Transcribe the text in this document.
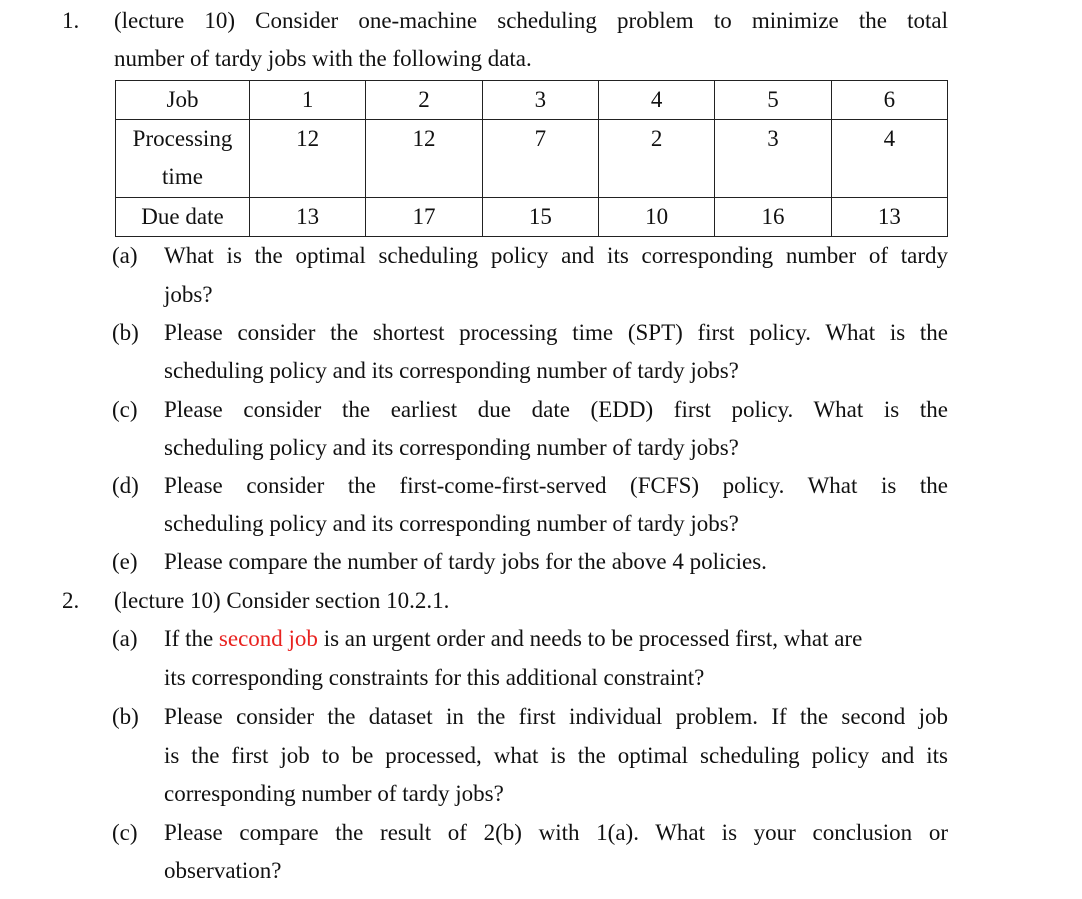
1. (lecture 10) Consider one-machine scheduling problem to minimize the total
number of tardy jobs with the following data.
Job	1	2	3	4	5	6

Processing
time	12	12	7	2	3	4
Due date	13	17	15	10	16	13
(a) What is the optimal scheduling policy and its corresponding number of tardy
jobs?
(b) Please consider the shortest processing time (SPT) first policy. What is the
scheduling policy and its corresponding number of tardy jobs?
(c) Please consider the earliest due date (EDD) first policy. What is the
scheduling policy and its corresponding number of tardy jobs?
(d) Please consider the first-come-first-served (FCFS) policy. What is the
scheduling policy and its corresponding number of tardy jobs?
(e) Please compare the number of tardy jobs for the above 4 policies.
2. (lecture 10) Consider section 10.2.1.
(a) If the second job is an urgent order and needs to be processed first, what are
its corresponding constraints for this additional constraint?
(b) Please consider the dataset in the first individual problem. If the second job
is the first job to be processed, what is the optimal scheduling policy and its
corresponding number of tardy jobs?
(c) Please compare the result of 2(b) with 1(a). What is your conclusion or
observation?
